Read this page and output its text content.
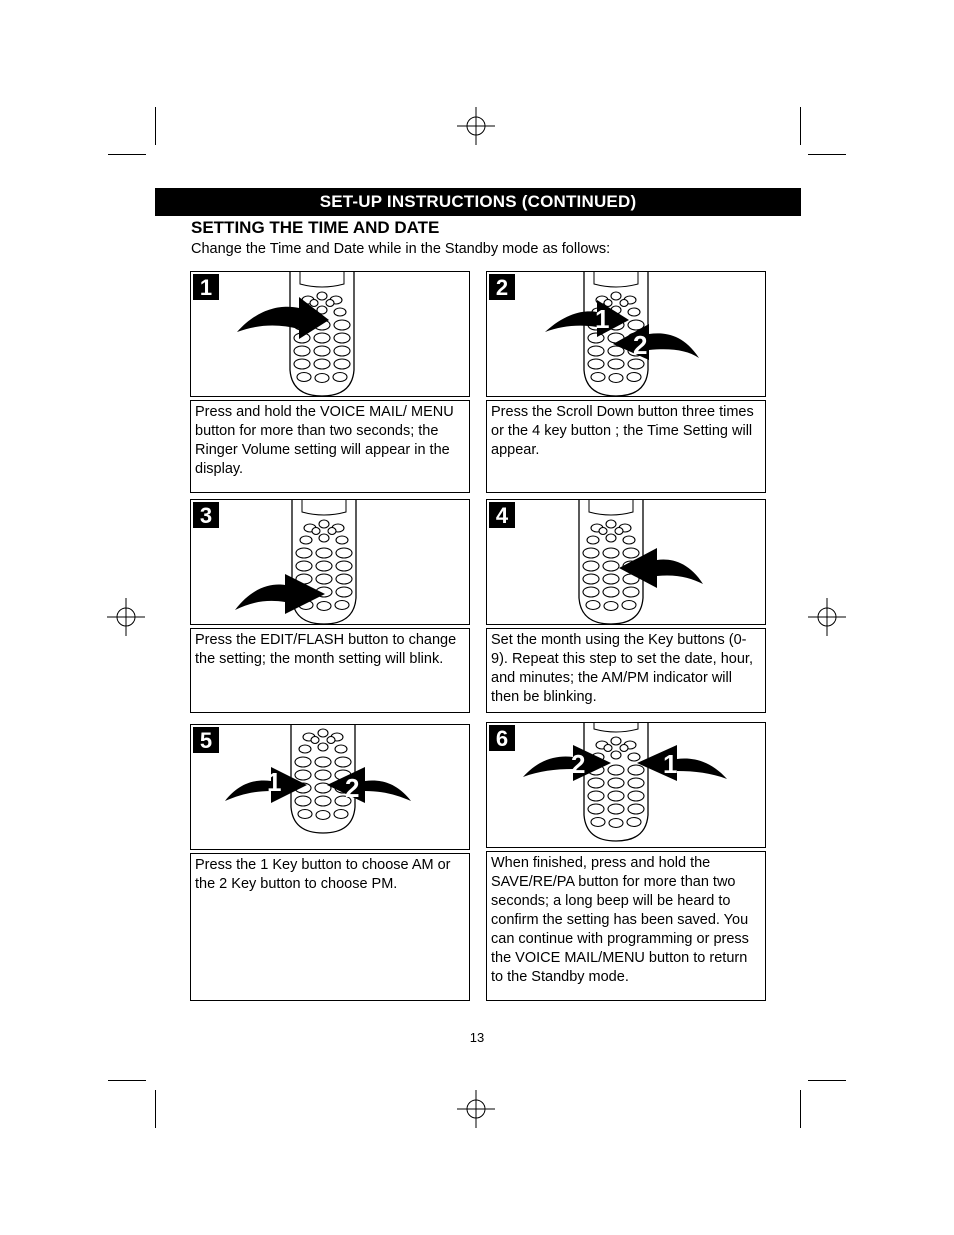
SET-UP INSTRUCTIONS (CONTINUED)
SETTING THE TIME AND DATE
Change the Time and Date while in the Standby mode as follows:
1
Press and hold the VOICE MAIL/ MENU button for more than two seconds; the Ringer Volume setting will appear in the display.
2
1
2
Press the Scroll Down button three times or the 4 key button ; the Time Setting will appear.
3
Press the EDIT/FLASH button to change the setting; the month setting will blink.
4
Set the month using the Key buttons (0-9). Repeat this step to set the date, hour, and minutes; the AM/PM indicator will then be blinking.
5
1 2
Press the 1 Key button to choose AM or the 2 Key button to choose PM.
6
2	1
When finished, press and hold the SAVE/RE/PA button for more than two seconds; a long beep will be heard to confirm the setting has been saved. You can continue with programming or press the VOICE MAIL/MENU button to return to the Standby mode.
13
